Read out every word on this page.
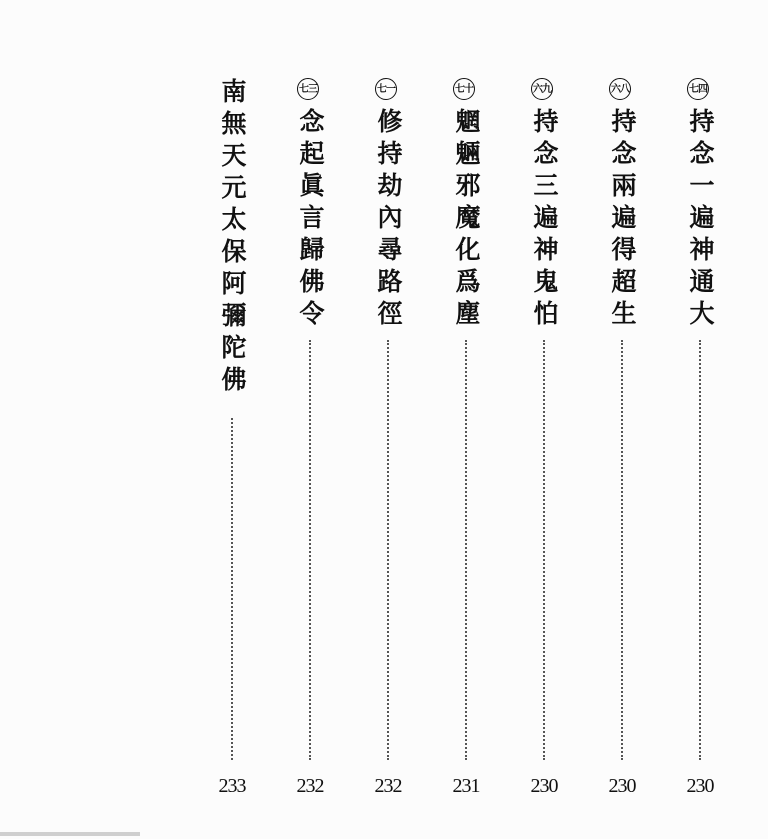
七四
持念一遍神通大
230
六八
持念兩遍得超生
230
六九
持念三遍神鬼怕
230
七十
魍魎邪魔化爲塵
231
七一
修持劫內尋路徑
232
七三
念起眞言歸佛令
232
南無天元太保阿彌陀佛
233
